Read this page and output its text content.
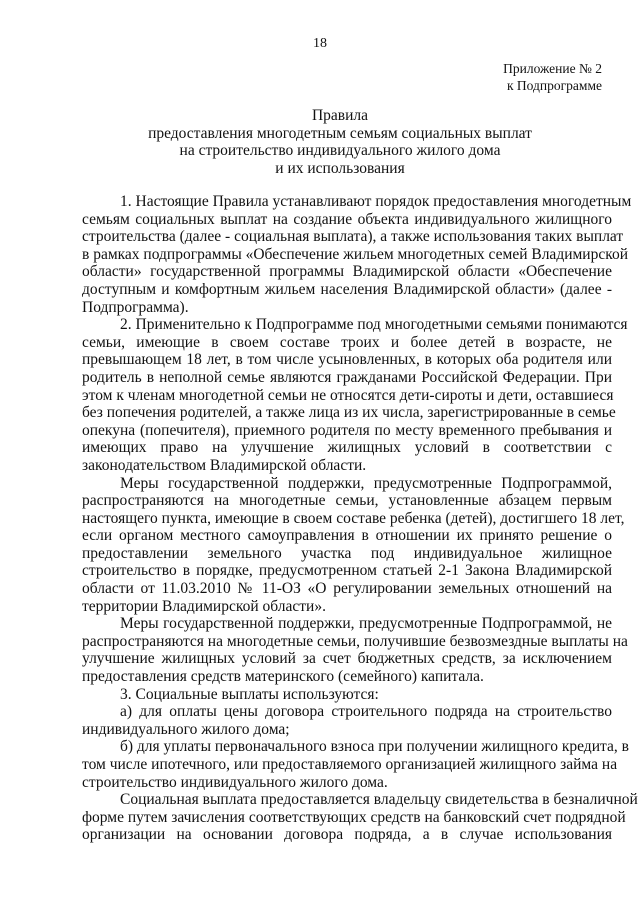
18
Приложение № 2
к Подпрограмме
Правила
предоставления многодетным семьям социальных выплат
на строительство индивидуального жилого дома
и их использования
1. Настоящие Правила устанавливают порядок предоставления многодетным
семьям социальных выплат на создание объекта индивидуального жилищного
строительства (далее - социальная выплата), а также использования таких выплат
в рамках подпрограммы «Обеспечение жильем многодетных семей Владимирской
области» государственной программы Владимирской области «Обеспечение
доступным и комфортным жильем населения Владимирской области» (далее -
Подпрограмма).
2. Применительно к Подпрограмме под многодетными семьями понимаются
семьи, имеющие в своем составе троих и более детей в возрасте, не
превышающем 18 лет, в том числе усыновленных, в которых оба родителя или
родитель в неполной семье являются гражданами Российской Федерации. При
этом к членам многодетной семьи не относятся дети-сироты и дети, оставшиеся
без попечения родителей, а также лица из их числа, зарегистрированные в семье
опекуна (попечителя), приемного родителя по месту временного пребывания и
имеющих право на улучшение жилищных условий в соответствии с
законодательством Владимирской области.
Меры государственной поддержки, предусмотренные Подпрограммой,
распространяются на многодетные семьи, установленные абзацем первым
настоящего пункта, имеющие в своем составе ребенка (детей), достигшего 18 лет,
если органом местного самоуправления в отношении их принято решение о
предоставлении земельного участка под индивидуальное жилищное
строительство в порядке, предусмотренном статьей 2-1 Закона Владимирской
области от 11.03.2010 № 11-ОЗ «О регулировании земельных отношений на
территории Владимирской области».
Меры государственной поддержки, предусмотренные Подпрограммой, не
распространяются на многодетные семьи, получившие безвозмездные выплаты на
улучшение жилищных условий за счет бюджетных средств, за исключением
предоставления средств материнского (семейного) капитала.
3. Социальные выплаты используются:
а) для оплаты цены договора строительного подряда на строительство
индивидуального жилого дома;
б) для уплаты первоначального взноса при получении жилищного кредита, в
том числе ипотечного, или предоставляемого организацией жилищного займа на
строительство индивидуального жилого дома.
Социальная выплата предоставляется владельцу свидетельства в безналичной
форме путем зачисления соответствующих средств на банковский счет подрядной
организации на основании договора подряда, а в случае использования
